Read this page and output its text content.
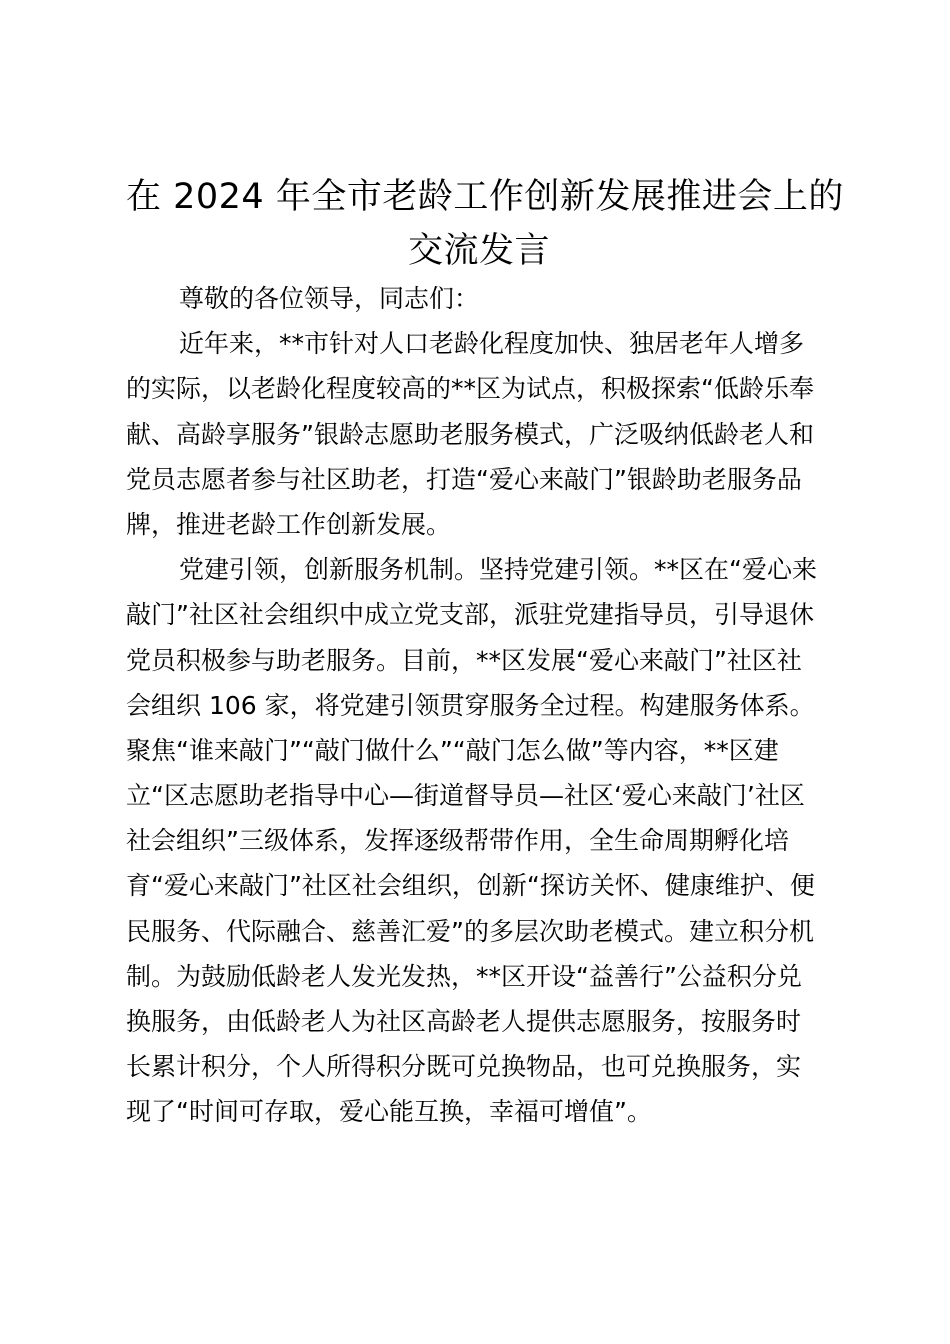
在 2024 年全市老龄工作创新发展推进会上的
交流发言

尊敬的各位领导，同志们：

近年来，**市针对人口老龄化程度加快、独居老年人增多
的实际，以老龄化程度较高的**区为试点，积极探索“低龄乐奉
献、高龄享服务”银龄志愿助老服务模式，广泛吸纳低龄老人和
党员志愿者参与社区助老，打造“爱心来敲门”银龄助老服务品
牌，推进老龄工作创新发展。

党建引领，创新服务机制。坚持党建引领。**区在“爱心来
敲门”社区社会组织中成立党支部，派驻党建指导员，引导退休
党员积极参与助老服务。目前，**区发展“爱心来敲门”社区社
会组织 106 家，将党建引领贯穿服务全过程。构建服务体系。
聚焦“谁来敲门”“敲门做什么”“敲门怎么做”等内容，**区建
立“区志愿助老指导中心—街道督导员—社区‘爱心来敲门’社区
社会组织”三级体系，发挥逐级帮带作用，全生命周期孵化培
育“爱心来敲门”社区社会组织，创新“探访关怀、健康维护、便
民服务、代际融合、慈善汇爱”的多层次助老模式。建立积分机
制。为鼓励低龄老人发光发热，**区开设“益善行”公益积分兑
换服务，由低龄老人为社区高龄老人提供志愿服务，按服务时
长累计积分，个人所得积分既可兑换物品，也可兑换服务，实
现了“时间可存取，爱心能互换，幸福可增值”。
